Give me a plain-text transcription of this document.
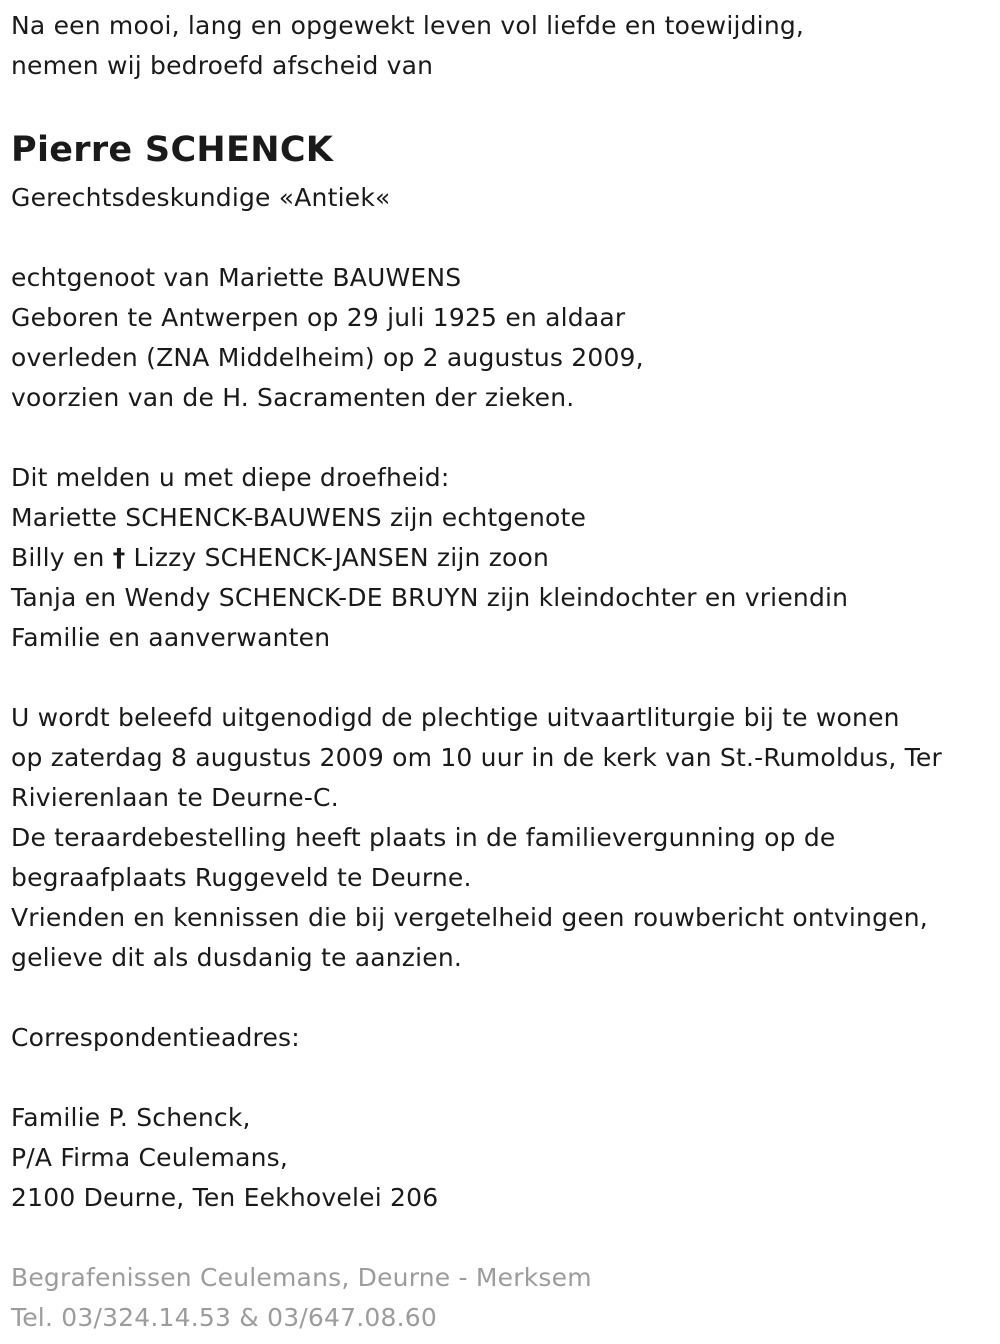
Na een mooi, lang en opgewekt leven vol liefde en toewijding,
nemen wij bedroefd afscheid van
Pierre SCHENCK
Gerechtsdeskundige «Antiek«
echtgenoot van Mariette BAUWENS
Geboren te Antwerpen op 29 juli 1925 en aldaar
overleden (ZNA Middelheim) op 2 augustus 2009,
voorzien van de H. Sacramenten der zieken.
Dit melden u met diepe droefheid:
Mariette SCHENCK-BAUWENS zijn echtgenote
Billy en † Lizzy SCHENCK-JANSEN zijn zoon
Tanja en Wendy SCHENCK-DE BRUYN zijn kleindochter en vriendin
Familie en aanverwanten
U wordt beleefd uitgenodigd de plechtige uitvaartliturgie bij te wonen
op zaterdag 8 augustus 2009 om 10 uur in de kerk van St.-Rumoldus, Ter
Rivierenlaan te Deurne-C.
De teraardebestelling heeft plaats in de familievergunning op de
begraafplaats Ruggeveld te Deurne.
Vrienden en kennissen die bij vergetelheid geen rouwbericht ontvingen,
gelieve dit als dusdanig te aanzien.
Correspondentieadres:
Familie P. Schenck,
P/A Firma Ceulemans,
2100 Deurne, Ten Eekhovelei 206
Begrafenissen Ceulemans, Deurne - Merksem
Tel. 03/324.14.53 & 03/647.08.60
